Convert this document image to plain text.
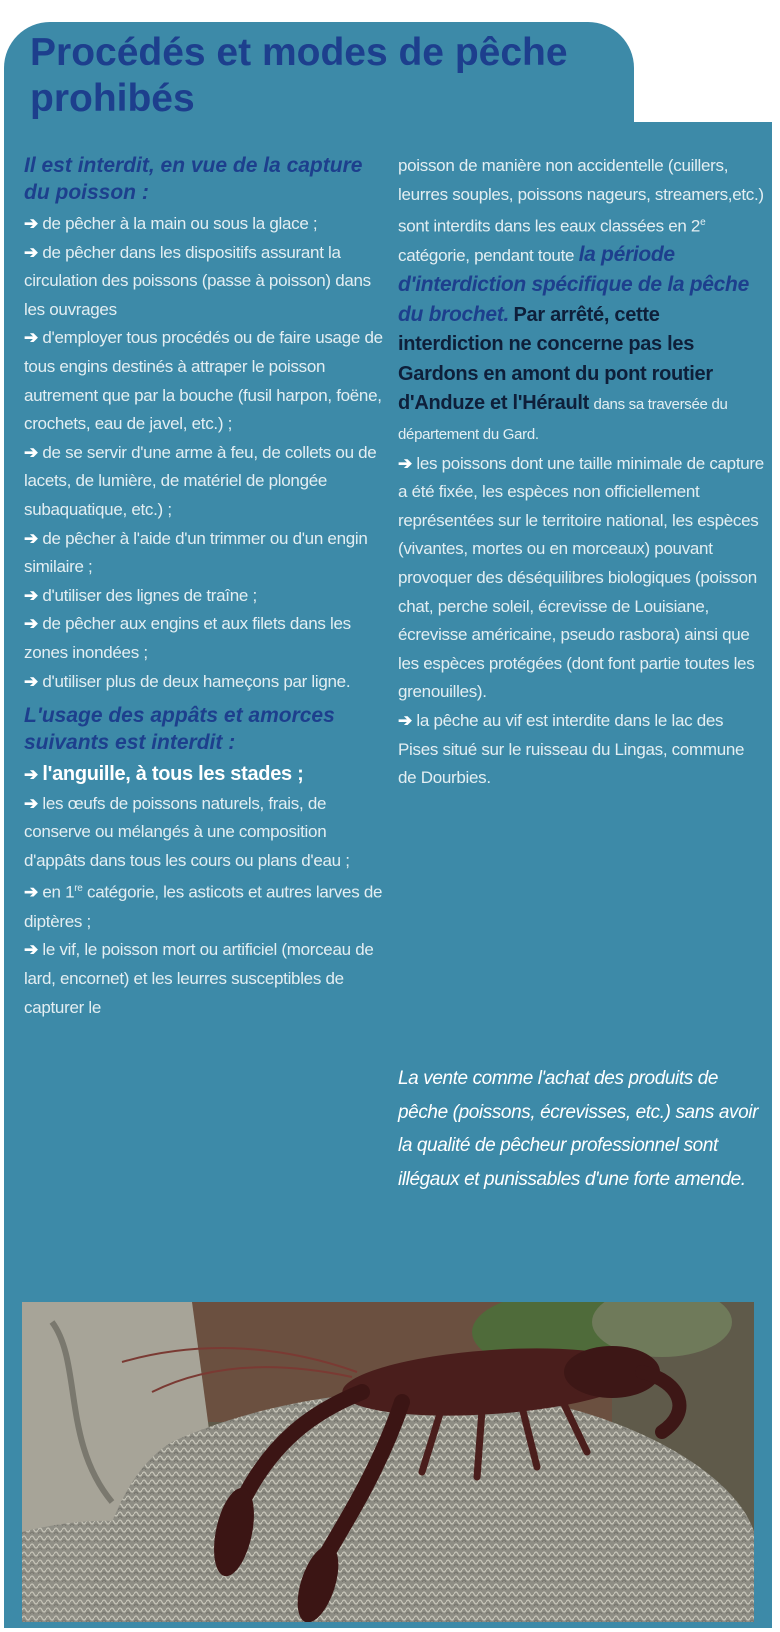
Procédés et modes de pêche prohibés

Il est interdit, en vue de la capture du poisson :

➔ de pêcher à la main ou sous la glace ;

➔ de pêcher dans les dispositifs assurant la circulation des poissons (passe à poisson) dans les ouvrages

➔ d'employer tous procédés ou de faire usage de tous engins destinés à attraper le poisson autrement que par la bouche (fusil harpon, foëne, crochets, eau de javel, etc.) ;

➔ de se servir d'une arme à feu, de collets ou de lacets, de lumière, de matériel de plongée subaquatique, etc.) ;

➔ de pêcher à l'aide d'un trimmer ou d'un engin similaire ;

➔ d'utiliser des lignes de traîne ;

➔ de pêcher aux engins et aux filets dans les zones inondées ;

➔ d'utiliser plus de deux hameçons par ligne.

L'usage des appâts et amorces suivants est interdit :

➔ l'anguille, à tous les stades ;

➔ les œufs de poissons naturels, frais, de conserve ou mélangés à une composition d'appâts dans tous les cours ou plans d'eau ;

➔ en 1re catégorie, les asticots et autres larves de diptères ;

➔ le vif, le poisson mort ou artificiel (morceau de lard, encornet) et les leurres susceptibles de capturer le

poisson de manière non accidentelle (cuillers, leurres souples, poissons nageurs, streamers,etc.) sont interdits dans les eaux classées en 2e catégorie, pendant toute la période d'interdiction spécifique de la pêche du brochet. Par arrêté, cette interdiction ne concerne pas les Gardons en amont du pont routier d'Anduze et l'Hérault dans sa traversée du département du Gard.

➔ les poissons dont une taille minimale de capture a été fixée, les espèces non officiellement représentées sur le territoire national, les espèces (vivantes, mortes ou en morceaux) pouvant provoquer des déséquilibres biologiques (poisson chat, perche soleil, écrevisse de Louisiane, écrevisse américaine, pseudo rasbora) ainsi que les espèces protégées (dont font partie toutes les grenouilles).

➔ la pêche au vif est interdite dans le lac des Pises situé sur le ruisseau du Lingas, commune de Dourbies.

La vente comme l'achat des produits de pêche (poissons, écrevisses, etc.) sans avoir la qualité de pêcheur professionnel sont illégaux et punissables d'une forte amende.
